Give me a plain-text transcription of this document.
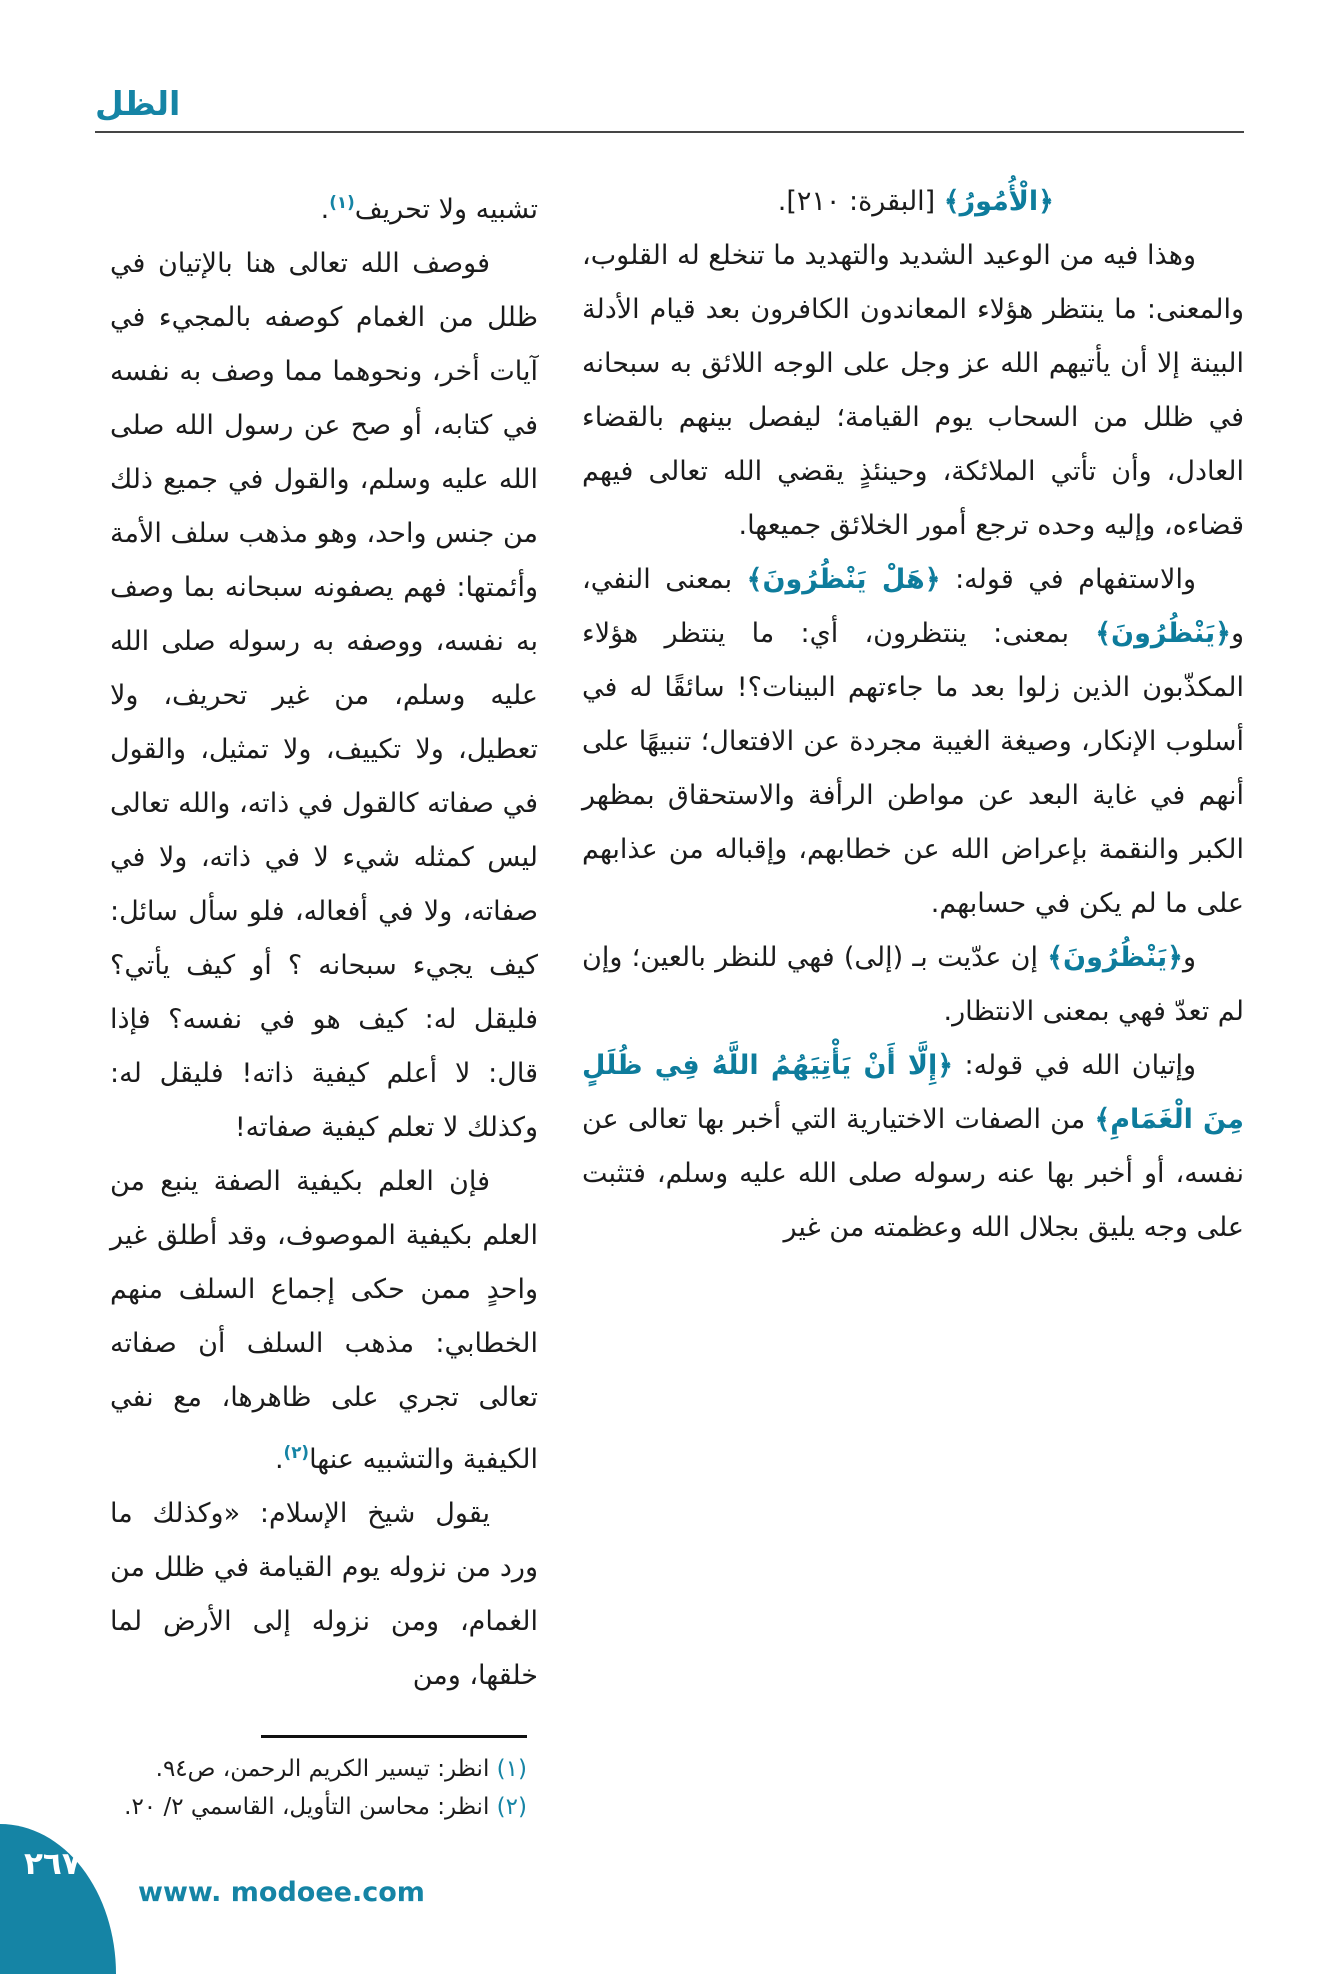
الظل

﴿الْأُمُورُ﴾ [البقرة: ٢١٠].

وهذا فيه من الوعيد الشديد والتهديد ما تنخلع له القلوب، والمعنى: ما ينتظر هؤلاء المعاندون الكافرون بعد قيام الأدلة البينة إلا أن يأتيهم الله عز وجل على الوجه اللائق به سبحانه في ظلل من السحاب يوم القيامة؛ ليفصل بينهم بالقضاء العادل، وأن تأتي الملائكة، وحينئذٍ يقضي الله تعالى فيهم قضاءه، وإليه وحده ترجع أمور الخلائق جميعها.

والاستفهام في قوله: ﴿هَلْ يَنْظُرُونَ﴾ بمعنى النفي، و﴿يَنْظُرُونَ﴾ بمعنى: ينتظرون، أي: ما ينتظر هؤلاء المكذّبون الذين زلوا بعد ما جاءتهم البينات؟! سائقًا له في أسلوب الإنكار، وصيغة الغيبة مجردة عن الافتعال؛ تنبيهًا على أنهم في غاية البعد عن مواطن الرأفة والاستحقاق بمظهر الكبر والنقمة بإعراض الله عن خطابهم، وإقباله من عذابهم على ما لم يكن في حسابهم.

و﴿يَنْظُرُونَ﴾ إن عدّيت بـ (إلى) فهي للنظر بالعين؛ وإن لم تعدّ فهي بمعنى الانتظار.

وإتيان الله في قوله: ﴿إِلَّا أَنْ يَأْتِيَهُمُ اللَّهُ فِي ظُلَلٍ مِنَ الْغَمَامِ﴾ من الصفات الاختيارية التي أخبر بها تعالى عن نفسه، أو أخبر بها عنه رسوله صلى الله عليه وسلم، فتثبت على وجه يليق بجلال الله وعظمته من غير

تشبيه ولا تحريف$^{(١)}$.

فوصف الله تعالى هنا بالإتيان في ظلل من الغمام كوصفه بالمجيء في آيات أخر، ونحوهما مما وصف به نفسه في كتابه، أو صح عن رسول الله صلى الله عليه وسلم، والقول في جميع ذلك من جنس واحد، وهو مذهب سلف الأمة وأئمتها: فهم يصفونه سبحانه بما وصف به نفسه، ووصفه به رسوله صلى الله عليه وسلم، من غير تحريف، ولا تعطيل، ولا تكييف، ولا تمثيل، والقول في صفاته كالقول في ذاته، والله تعالى ليس كمثله شيء لا في ذاته، ولا في صفاته، ولا في أفعاله، فلو سأل سائل: كيف يجيء سبحانه ؟ أو كيف يأتي؟ فليقل له: كيف هو في نفسه؟ فإذا قال: لا أعلم كيفية ذاته! فليقل له: وكذلك لا تعلم كيفية صفاته!

فإن العلم بكيفية الصفة ينبع من العلم بكيفية الموصوف، وقد أطلق غير واحدٍ ممن حكى إجماع السلف منهم الخطابي: مذهب السلف أن صفاته تعالى تجري على ظاهرها، مع نفي الكيفية والتشبيه عنها$^{(٢)}$.

يقول شيخ الإسلام: «وكذلك ما ورد من نزوله يوم القيامة في ظلل من الغمام، ومن نزوله إلى الأرض لما خلقها، ومن

(١) انظر: تيسير الكريم الرحمن، ص٩٤.
(٢) انظر: محاسن التأويل، القاسمي ٢/ ٢٠.
٢٦٧
www. modoee.com
